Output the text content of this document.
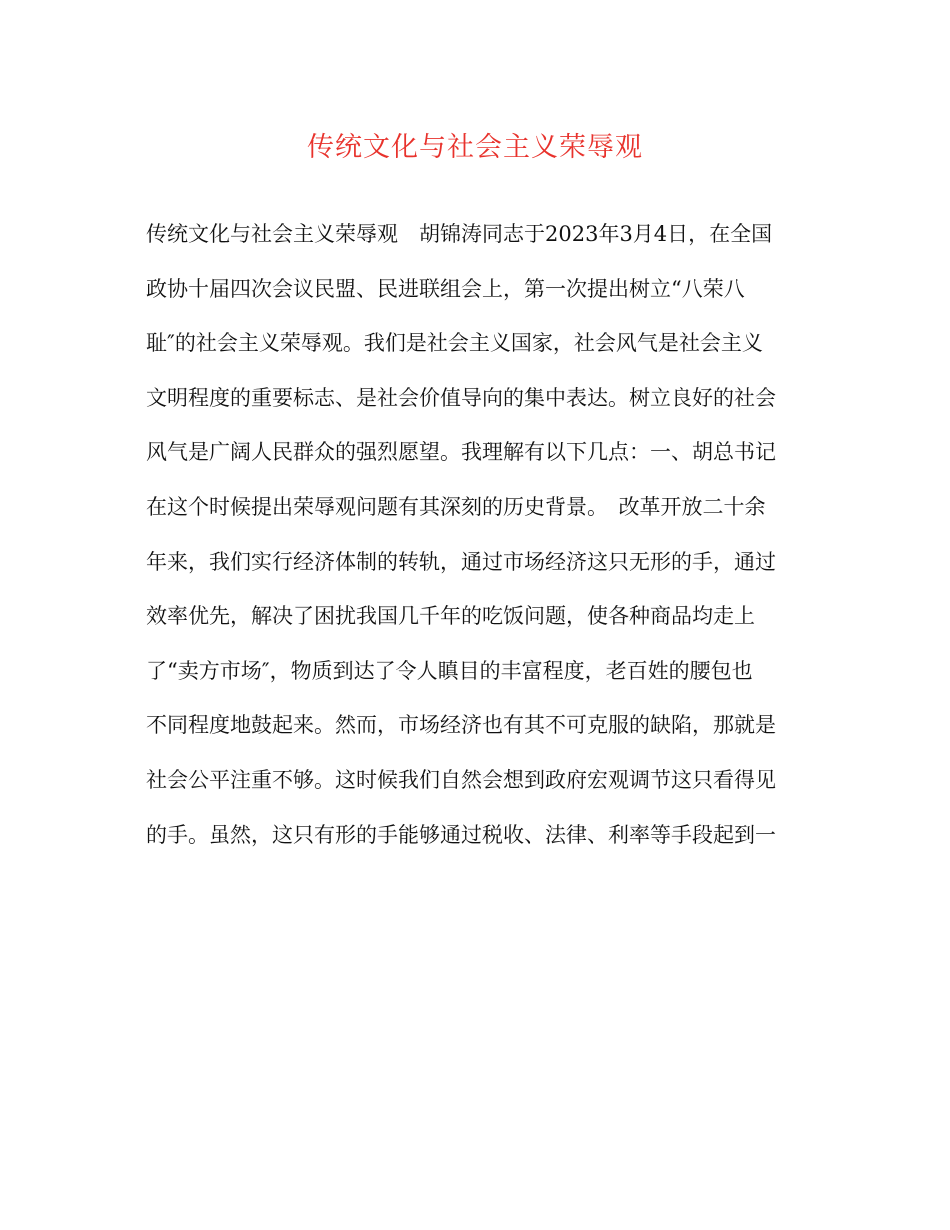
传统文化与社会主义荣辱观
传统文化与社会主义荣辱观　胡锦涛同志于2023年3月4日，在全国
政协十届四次会议民盟、民进联组会上，第一次提出树立“八荣八
耻″的社会主义荣辱观。我们是社会主义国家，社会风气是社会主义
文明程度的重要标志、是社会价值导向的集中表达。树立良好的社会
风气是广阔人民群众的强烈愿望。我理解有以下几点：一、胡总书记
在这个时候提出荣辱观问题有其深刻的历史背景。　改革开放二十余
年来，我们实行经济体制的转轨，通过市场经济这只无形的手，通过
效率优先，解决了困扰我国几千年的吃饭问题，使各种商品均走上
了“卖方市场″，物质到达了令人瞋目的丰富程度，老百姓的腰包也
不同程度地鼓起来。然而，市场经济也有其不可克服的缺陷，那就是
社会公平注重不够。这时候我们自然会想到政府宏观调节这只看得见
的手。虽然，这只有形的手能够通过税收、法律、利率等手段起到一
